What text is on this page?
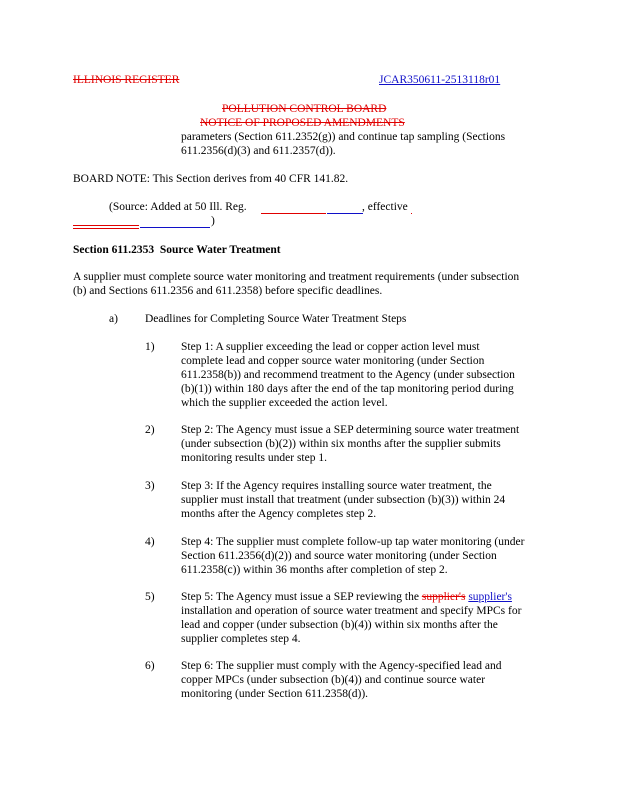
ILLINOIS REGISTER	JCAR350611-2513118r01
POLLUTION CONTROL BOARD
NOTICE OF PROPOSED AMENDMENTS
parameters (Section 611.2352(g)) and continue tap sampling (Sections
611.2356(d)(3) and 611.2357(d)).
BOARD NOTE: This Section derives from 40 CFR 141.82.
(Source: Added at 50 Ill. Reg.	, effective
)
Section 611.2353 Source Water Treatment
A supplier must complete source water monitoring and treatment requirements (under subsection
(b) and Sections 611.2356 and 611.2358) before specific deadlines.
a) Deadlines for Completing Source Water Treatment Steps
1) Step 1: A supplier exceeding the lead or copper action level must
complete lead and copper source water monitoring (under Section
611.2358(b)) and recommend treatment to the Agency (under subsection
(b)(1)) within 180 days after the end of the tap monitoring period during
which the supplier exceeded the action level.
2) Step 2: The Agency must issue a SEP determining source water treatment
(under subsection (b)(2)) within six months after the supplier submits
monitoring results under step 1.
3) Step 3: If the Agency requires installing source water treatment, the
supplier must install that treatment (under subsection (b)(3)) within 24
months after the Agency completes step 2.
4) Step 4: The supplier must complete follow-up tap water monitoring (under
Section 611.2356(d)(2)) and source water monitoring (under Section
611.2358(c)) within 36 months after completion of step 2.
5) Step 5: The Agency must issue a SEP reviewing the supplier's supplier's
installation and operation of source water treatment and specify MPCs for
lead and copper (under subsection (b)(4)) within six months after the
supplier completes step 4.
6) Step 6: The supplier must comply with the Agency-specified lead and
copper MPCs (under subsection (b)(4)) and continue source water
monitoring (under Section 611.2358(d)).
